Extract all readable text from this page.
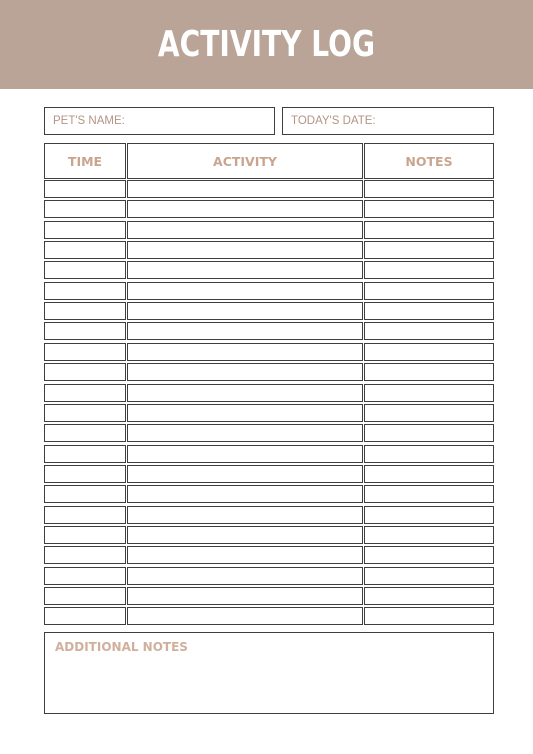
ACTIVITY LOG
PET'S NAME:	TODAY'S DATE:
TIME	ACTIVITY	NOTES
ADDITIONAL NOTES
